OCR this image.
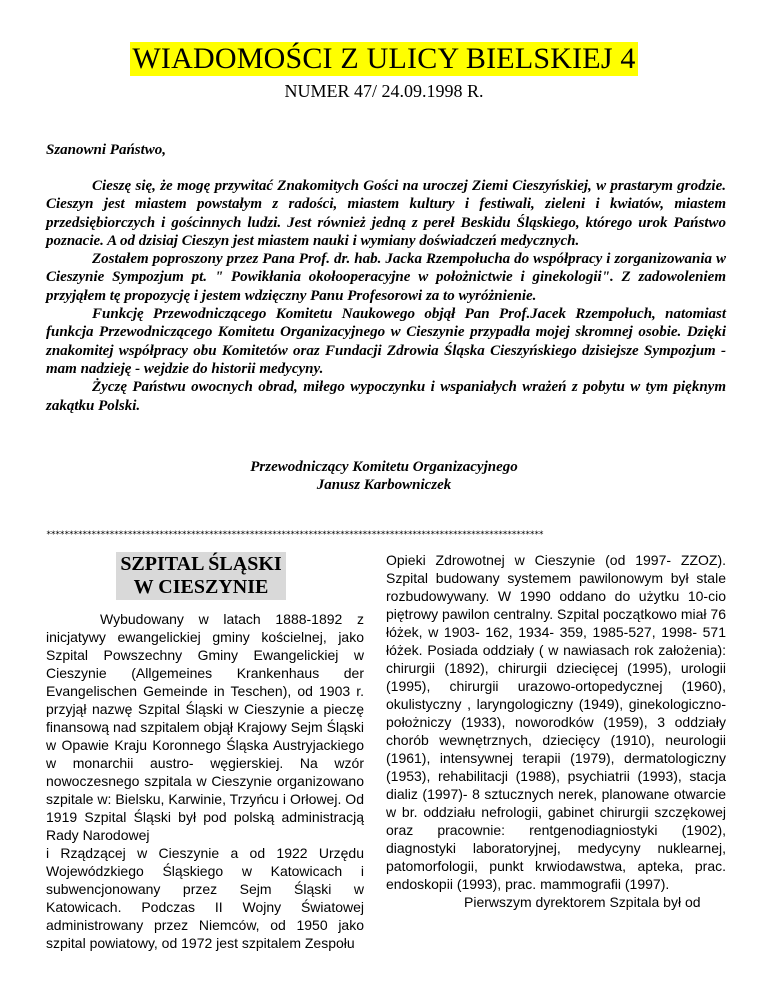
WIADOMOŚCI Z ULICY BIELSKIEJ 4
NUMER 47/ 24.09.1998 R.
Szanowni Państwo,

Cieszę się, że mogę przywitać Znakomitych Gości na uroczej Ziemi Cieszyńskiej, w prastarym grodzie. Cieszyn jest miastem powstałym z radości, miastem kultury i festiwali, zieleni i kwiatów, miastem przedsiębiorczych i gościnnych ludzi. Jest również jedną z pereł Beskidu Śląskiego, którego urok Państwo poznacie. A od dzisiaj Cieszyn jest miastem nauki i wymiany doświadczeń medycznych.

Zostałem poproszony przez Pana Prof. dr. hab. Jacka Rzempołucha do współpracy i zorganizowania w Cieszynie Sympozjum pt. " Powikłania okołooperacyjne w położnictwie i ginekologii". Z zadowoleniem przyjąłem tę propozycję i jestem wdzięczny Panu Profesorowi za to wyróżnienie.

Funkcję Przewodniczącego Komitetu Naukowego objął Pan Prof.Jacek Rzempołuch, natomiast funkcja Przewodniczącego Komitetu Organizacyjnego w Cieszynie przypadła mojej skromnej osobie. Dzięki znakomitej współpracy obu Komitetów oraz Fundacji Zdrowia Śląska Cieszyńskiego dzisiejsze Sympozjum - mam nadzieję - wejdzie do historii medycyny.

Życzę Państwu owocnych obrad, miłego wypoczynku i wspaniałych wrażeń z pobytu w tym pięknym zakątku Polski.

Przewodniczący Komitetu Organizacyjnego
Janusz Karbowniczek
**************************************************************************************************************
SZPITAL ŚLĄSKI
W CIESZYNIE

Wybudowany w latach 1888-1892 z inicjatywy ewangelickiej gminy kościelnej, jako Szpital Powszechny Gminy Ewangelickiej w Cieszynie (Allgemeines Krankenhaus der Evangelischen Gemeinde in Teschen), od 1903 r. przyjął nazwę Szpital Śląski w Cieszynie a pieczę finansową nad szpitalem objął Krajowy Sejm Śląski w Opawie Kraju Koronnego Śląska Austryjackiego w monarchii austro- węgierskiej. Na wzór nowoczesnego szpitala w Cieszynie organizowano szpitale w: Bielsku, Karwinie, Trzyńcu i Orłowej. Od 1919 Szpital Śląski był pod polską administracją Rady Narodowej

i Rządzącej w Cieszynie a od 1922 Urzędu Wojewódzkiego Śląskiego w Katowicach i subwencjonowany przez Sejm Śląski w Katowicach. Podczas II Wojny Światowej administrowany przez Niemców, od 1950 jako szpital powiatowy, od 1972 jest szpitalem Zespołu

Opieki Zdrowotnej w Cieszynie (od 1997- ZZOZ). Szpital budowany systemem pawilonowym był stale rozbudowywany. W 1990 oddano do użytku 10-cio piętrowy pawilon centralny. Szpital początkowo miał 76 łóżek, w 1903- 162, 1934- 359, 1985-527, 1998- 571 łóżek. Posiada oddziały ( w nawiasach rok założenia): chirurgii (1892), chirurgii dziecięcej (1995), urologii (1995), chirurgii urazowo-ortopedycznej (1960), okulistyczny , laryngologiczny (1949), ginekologiczno-położniczy (1933), noworodków (1959), 3 oddziały chorób wewnętrznych, dziecięcy (1910), neurologii (1961), intensywnej terapii (1979), dermatologiczny (1953), rehabilitacji (1988), psychiatrii (1993), stacja dializ (1997)- 8 sztucznych nerek, planowane otwarcie w br. oddziału nefrologii, gabinet chirurgii szczękowej oraz pracownie: rentgenodiagniostyki (1902), diagnostyki laboratoryjnej, medycyny nuklearnej, patomorfologii, punkt krwiodawstwa, apteka, prac. endoskopii (1993), prac. mammografii (1997).

Pierwszym dyrektorem Szpitala był od
